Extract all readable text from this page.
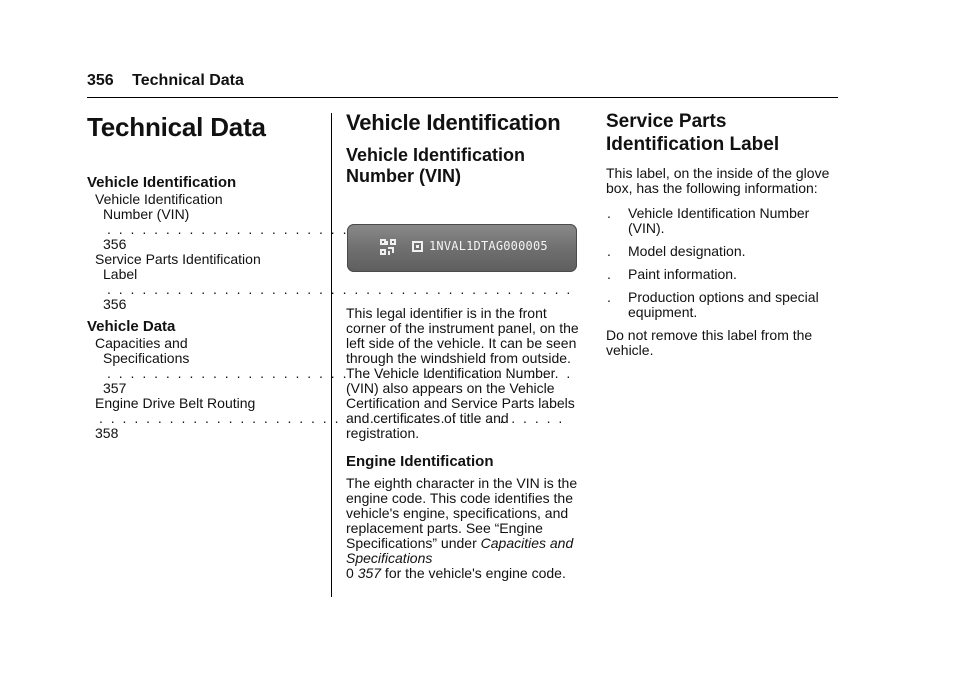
356 Technical Data
Technical Data
Vehicle Identification
Vehicle Identification
Number (VIN) . . . 356
Service Parts Identification
Label . . . 356
Vehicle Data
Capacities and
Specifications . . . 357
Engine Drive Belt Routing . . . 358
Vehicle Identification
Vehicle Identification Number (VIN)
1NVAL1DTAG000005

This legal identifier is in the front corner of the instrument panel, on the left side of the vehicle. It can be seen through the windshield from outside. The Vehicle Identification Number (VIN) also appears on the Vehicle Certification and Service Parts labels and certificates of title and registration.

Engine Identification

The eighth character in the VIN is the engine code. This code identifies the vehicle's engine, specifications, and replacement parts. See “Engine Specifications” under Capacities and Specifications
0 357 for the vehicle's engine code.

Service Parts Identification Label

This label, on the inside of the glove box, has the following information:

. Vehicle Identification Number (VIN).
. Model designation.
. Paint information.
. Production options and special equipment.

Do not remove this label from the vehicle.
